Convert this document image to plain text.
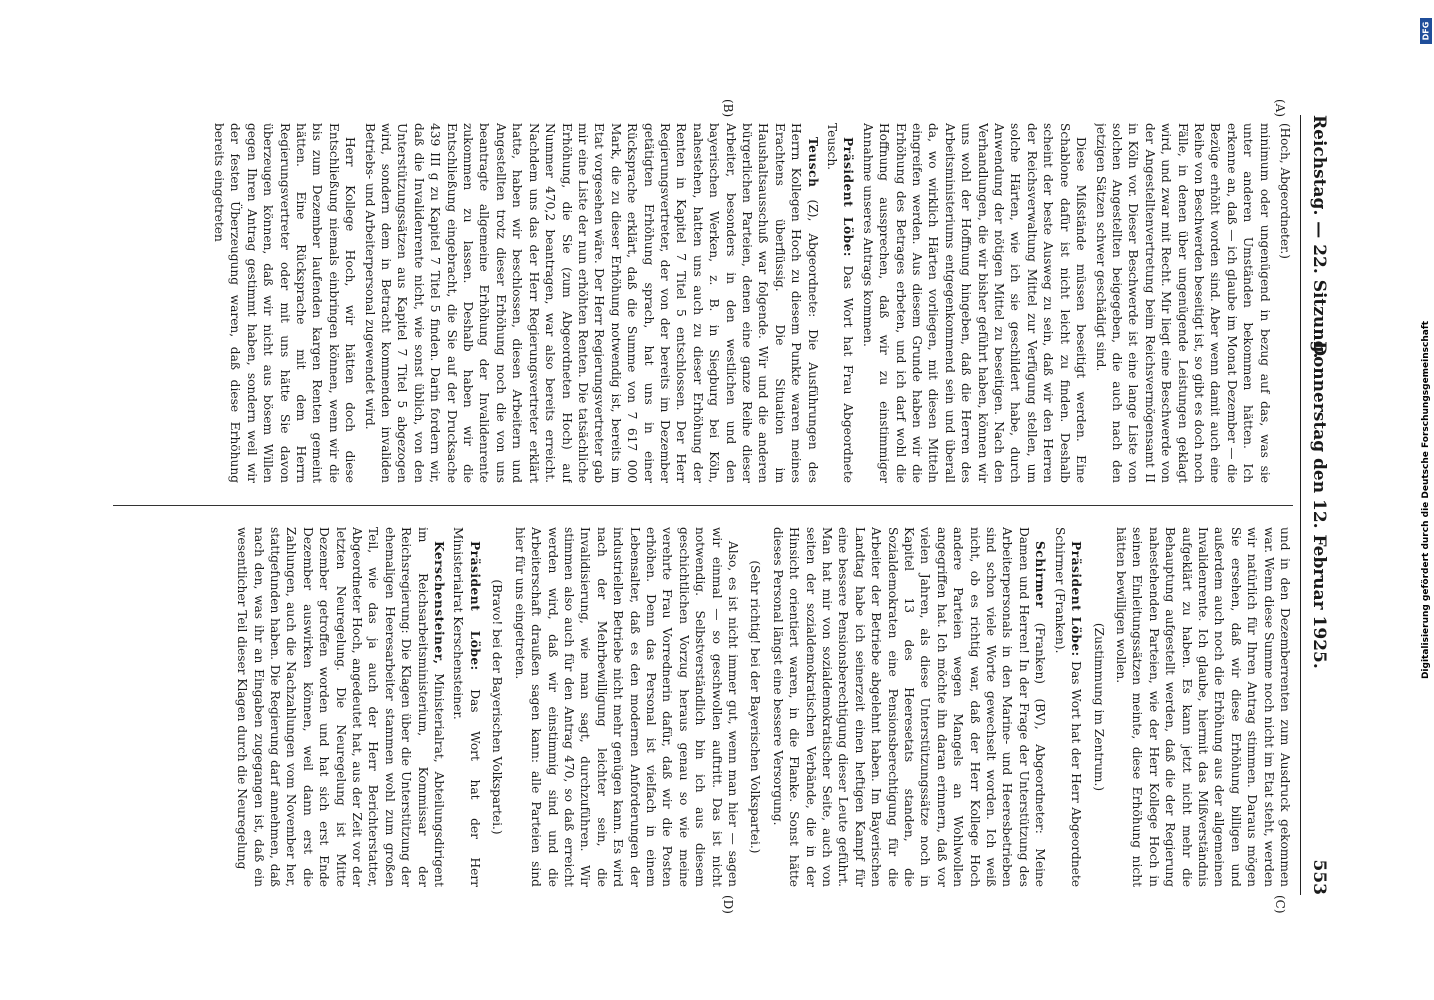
Reichstag. — 22. Sitzung.
Donnerstag den 12. Februar 1925.
553
(A)
(B)
(C)
(D)
(Hoch, Abgeordneter.)

minimum oder ungenügend in bezug auf das, was sie unter anderen Umständen bekommen hätten. Ich erkenne an, daß — ich glaube im Monat Dezember — die Bezüge erhöht worden sind. Aber wenn damit auch eine Reihe von Beschwerden beseitigt ist, so gibt es doch noch Fälle, in denen über ungenügende Leistungen geklagt wird, und zwar mit Recht. Mir liegt eine Beschwerde von der Angestelltenvertretung beim Reichsvermögensamt II in Köln vor. Dieser Beschwerde ist eine lange Liste von solchen Angestellten beigegeben, die auch nach den jetzigen Sätzen schwer geschädigt sind.

Diese Mißstände müssen beseitigt werden. Eine Schablone dafür ist nicht leicht zu finden. Deshalb scheint der beste Ausweg zu sein, daß wir den Herren der Reichsverwaltung Mittel zur Verfügung stellen, um solche Härten, wie ich sie geschildert habe, durch Anwendung der nötigen Mittel zu beseitigen. Nach den Verhandlungen, die wir bisher geführt haben, können wir uns wohl der Hoffnung hingeben, daß die Herren des Arbeitsministeriums entgegenkommend sein und überall da, wo wirklich Härten vorliegen, mit diesen Mitteln eingreifen werden. Aus diesem Grunde haben wir die Erhöhung des Betrages erbeten, und ich darf wohl die Hoffnung aussprechen, daß wir zu einstimmiger Annahme unseres Antrags kommen.

Präsident Löbe: Das Wort hat Frau Abgeordnete Teusch.

Teusch (Z), Abgeordnete: Die Ausführungen des Herrn Kollegen Hoch zu diesem Punkte waren meines Erachtens überflüssig. Die Situation im Haushaltsausschuß war folgende. Wir und die anderen bürgerlichen Parteien, denen eine ganze Reihe dieser Arbeiter, besonders in den westlichen und den bayerischen Werken, z. B. in Siegburg bei Köln, nahestehen, hatten uns auch zu dieser Erhöhung der Renten in Kapitel 7 Titel 5 entschlossen. Der Herr Regierungsvertreter, der von der bereits im Dezember getätigten Erhöhung sprach, hat uns in einer Rücksprache erklärt, daß die Summe von 7 617 000 Mark, die zu dieser Erhöhung notwendig ist, bereits im Etat vorgesehen wäre. Der Herr Regierungsvertreter gab mir eine Liste der nun erhöhten Renten. Die tatsächliche Erhöhung, die Sie (zum Abgeordneten Hoch) auf Nummer 470,2 beantragen, war also bereits erreicht. Nachdem uns das der Herr Regierungsvertreter erklärt hatte, haben wir beschlossen, diesen Arbeitern und Angestellten trotz dieser Erhöhung noch die von uns beantragte allgemeine Erhöhung der Invalidenrente zukommen zu lassen. Deshalb haben wir die Entschließung eingebracht, die Sie auf der Drucksache 439 III g zu Kapitel 7 Titel 5 finden. Darin fordern wir, daß die Invalidenrente nicht, wie sonst üblich, von den Unterstützungssätzen aus Kapitel 7 Titel 5 abgezogen wird, sondern dem in Betracht kommenden invaliden Betriebs- und Arbeiterpersonal zugewendet wird.

Herr Kollege Hoch, wir hätten doch diese Entschließung niemals einbringen können, wenn wir die bis zum Dezember laufenden kargen Renten gemeint hätten. Eine Rücksprache mit dem Herrn Regierungsvertreter oder mit uns hätte Sie davon überzeugen können, daß wir nicht aus bösem Willen gegen Ihren Antrag gestimmt haben, sondern weil wir der festen Überzeugung waren, daß diese Erhöhung bereits eingetreten

und in den Dezemberrenten zum Ausdruck gekommen war. Wenn diese Summe noch nicht im Etat steht, werden wir natürlich für Ihren Antrag stimmen. Daraus mögen Sie ersehen, daß wir diese Erhöhung billigen und außerdem auch noch die Erhöhung aus der allgemeinen Invalidenrente. Ich glaube, hiermit das Mißverständnis aufgeklärt zu haben. Es kann jetzt nicht mehr die Behauptung aufgestellt werden, daß die der Regierung nahestehenden Parteien, wie der Herr Kollege Hoch in seinen Einleitungssätzen meinte, diese Erhöhung nicht hätten bewilligen wollen.

(Zustimmung im Zentrum.)

Präsident Löbe: Das Wort hat der Herr Abgeordnete Schirmer (Franken).

Schirmer (Franken) (BV), Abgeordneter: Meine Damen und Herren! In der Frage der Unterstützung des Arbeiterpersonals in den Marine- und Heeresbetrieben sind schon viele Worte gewechselt worden. Ich weiß nicht, ob es richtig war, daß der Herr Kollege Hoch andere Parteien wegen Mangels an Wohlwollen angegriffen hat. Ich möchte ihn daran erinnern, daß vor vielen Jahren, als diese Unterstützungssätze noch in Kapitel 13 des Heeresetats standen, die Sozialdemokraten eine Pensionsberechtigung für die Arbeiter der Betriebe abgelehnt haben. Im Bayerischen Landtag habe ich seinerzeit einen heftigen Kampf für eine bessere Pensionsberechtigung dieser Leute geführt. Man hat mir von sozialdemokratischer Seite, auch von seiten der sozialdemokratischen Verbände, die in der Hinsicht orientiert waren, in die Flanke. Sonst hätte dieses Personal längst eine bessere Versorgung.

(Sehr richtig! bei der Bayerischen Volkspartei.)

Also, es ist nicht immer gut, wenn man hier — sagen wir einmal — so geschwollen auftritt. Das ist nicht notwendig. Selbstverständlich bin ich aus diesem geschichtlichen Vorzug heraus genau so wie meine verehrte Frau Vorrednerin dafür, daß wir die Posten erhöhen. Denn das Personal ist vielfach in einem Lebensalter, daß es den modernen Anforderungen der industriellen Betriebe nicht mehr genügen kann. Es wird nach der Mehrbewilligung leichter sein, die Invalidisierung, wie man sagt, durchzuführen. Wir stimmen also auch für den Antrag 470, so daß erreicht werden wird, daß wir einstimmig sind und die Arbeiterschaft draußen sagen kann: alle Parteien sind hier für uns eingetreten.

(Bravo! bei der Bayerischen Volkspartei.)

Präsident Löbe: Das Wort hat der Herr Ministerialrat Kerschensteiner.

Kerschensteiner, Ministerialrat, Abteilungsdirigent im Reichsarbeitsministerium, Kommissar der Reichsregierung: Die Klagen über die Unterstützung der ehemaligen Heeresarbeiter stammen wohl zum großen Teil, wie das ja auch der Herr Berichterstatter, Abgeordneter Hoch, angedeutet hat, aus der Zeit vor der letzten Neuregelung. Die Neuregelung ist Mitte Dezember getroffen worden und hat sich erst Ende Dezember auswirken können, weil dann erst die Zahlungen, auch die Nachzahlungen vom November her, stattgefunden haben. Die Regierung darf annehmen, daß nach den, was ihr an Eingaben zugegangen ist, daß ein wesentlicher Teil dieser Klagen durch die Neuregelung

DFG
Digitalisierung gefördert durch die Deutsche Forschungsgemeinschaft
